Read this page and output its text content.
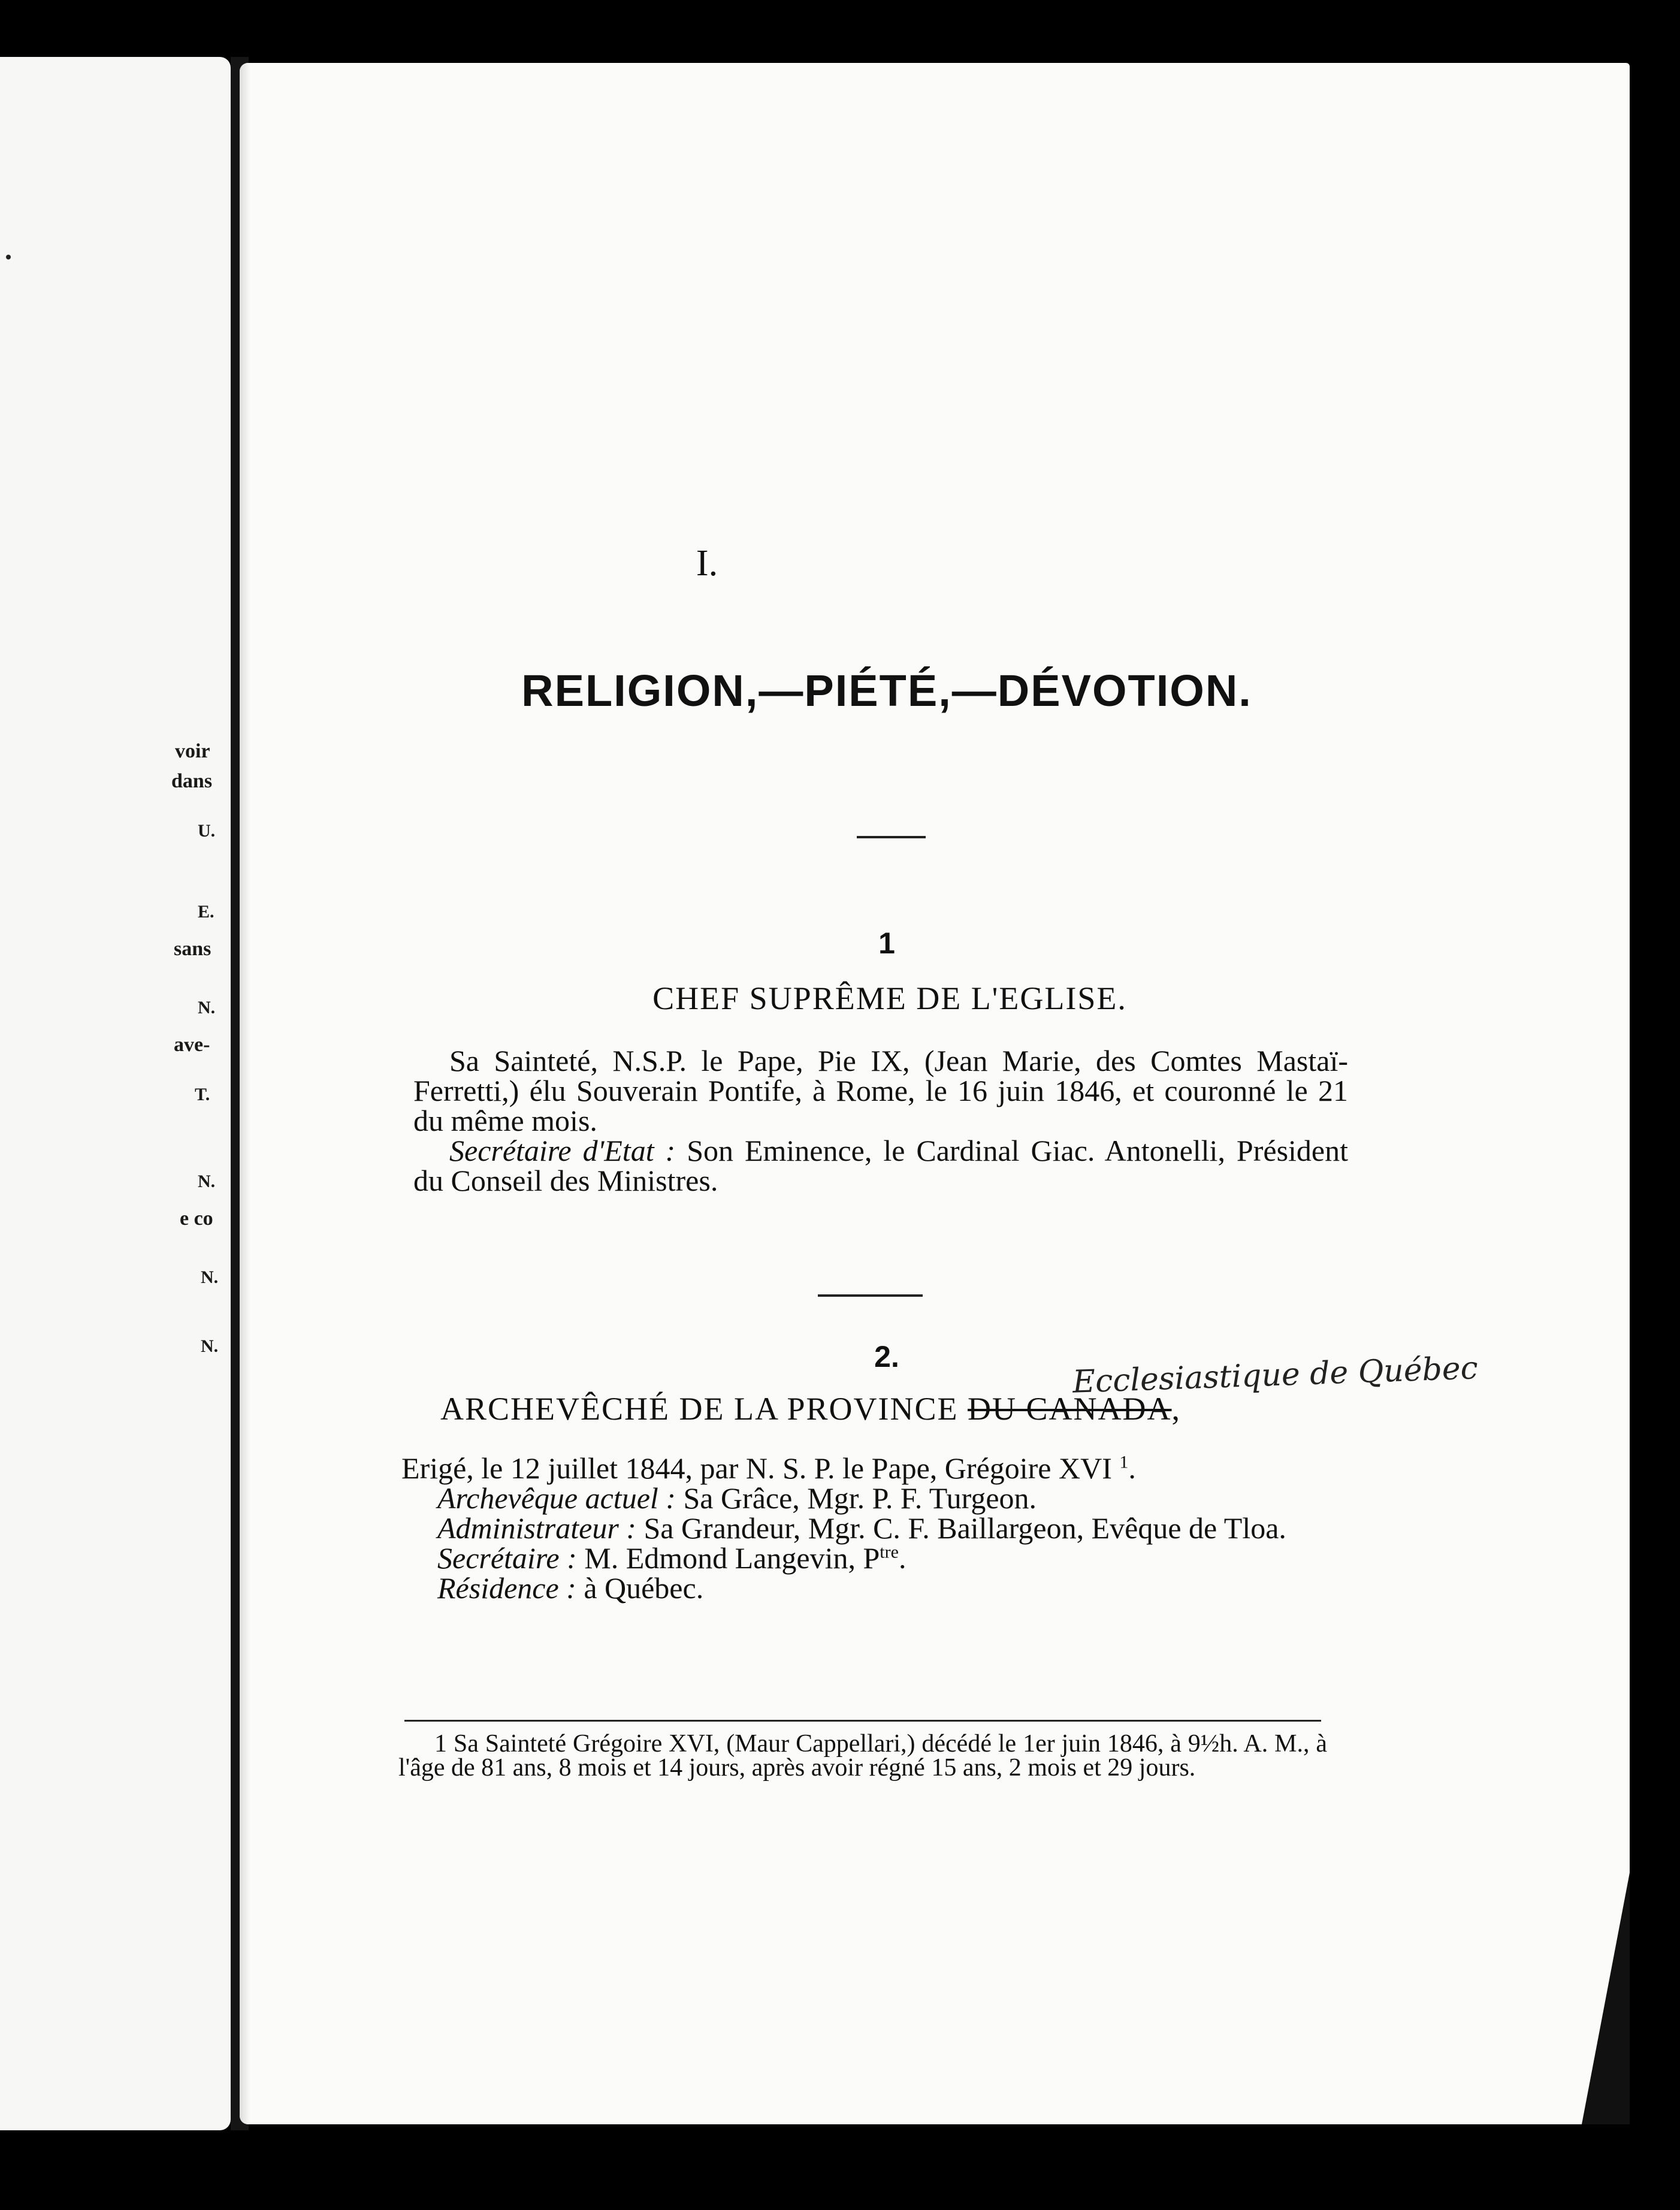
voir
dans
U.
E.
sans
N.
ave-
T.
N.
e co
N.
N.
I.
RELIGION,—PIÉTÉ,—DÉVOTION.
1
CHEF SUPRÊME DE L'EGLISE.

Sa Sainteté, N.S.P. le Pape, Pie IX, (Jean Marie, des Comtes Mastaï-Ferretti,) élu Souverain Pontife, à Rome, le 16 juin 1846, et couronné le 21 du même mois.

Secrétaire d'Etat : Son Eminence, le Cardinal Giac. Antonelli, Président du Conseil des Ministres.

2.
ARCHEVÊCHÉ DE LA PROVINCE DU CANADA,
Ecclesiastique de Québec

Erigé, le 12 juillet 1844, par N. S. P. le Pape, Grégoire XVI $^1$.

Archevêque actuel : Sa Grâce, Mgr. P. F. Turgeon.

Administrateur : Sa Grandeur, Mgr. C. F. Baillargeon, Evêque de Tloa.

Secrétaire : M. Edmond Langevin, $P^{tre}$.

Résidence : à Québec.

1 Sa Sainteté Grégoire XVI, (Maur Cappellari,) décédé le 1er juin 1846, à 9½h. A. M., à l'âge de 81 ans, 8 mois et 14 jours, après avoir régné 15 ans, 2 mois et 29 jours.
